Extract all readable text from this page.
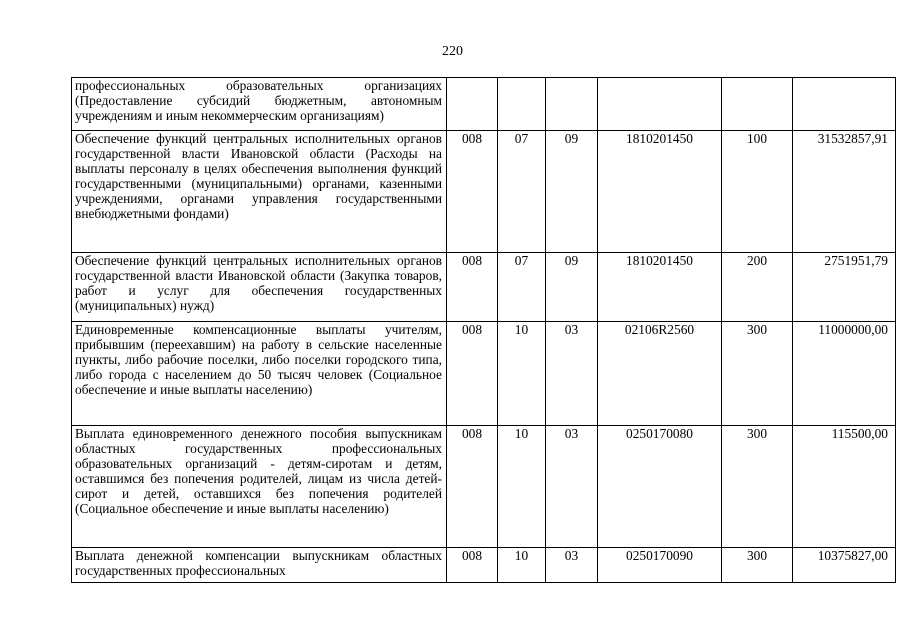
220
профессиональных образовательных организациях (Предоставление субсидий бюджетным, автономным учреждениям и иным некоммерческим организациям)						
Обеспечение функций центральных исполнительных органов государственной власти Ивановской области (Расходы на выплаты персоналу в целях обеспечения выполнения функций государственными (муниципальными) органами, казенными учреждениями, органами управления государственными внебюджетными фондами)	008	07	09	1810201450	100	31532857,91
Обеспечение функций центральных исполнительных органов государственной власти Ивановской области (Закупка товаров, работ и услуг для обеспечения государственных (муниципальных) нужд)	008	07	09	1810201450	200	2751951,79
Единовременные компенсационные выплаты учителям, прибывшим (переехавшим) на работу в сельские населенные пункты, либо рабочие поселки, либо поселки городского типа, либо города с населением до 50 тысяч человек (Социальное обеспечение и иные выплаты населению)	008	10	03	02106R2560	300	11000000,00
Выплата единовременного денежного пособия выпускникам областных государственных профессиональных образовательных организаций - детям-сиротам и детям, оставшимся без попечения родителей, лицам из числа детей-сирот и детей, оставшихся без попечения родителей (Социальное обеспечение и иные выплаты населению)	008	10	03	0250170080	300	115500,00
Выплата денежной компенсации выпускникам областных государственных профессиональных	008	10	03	0250170090	300	10375827,00
